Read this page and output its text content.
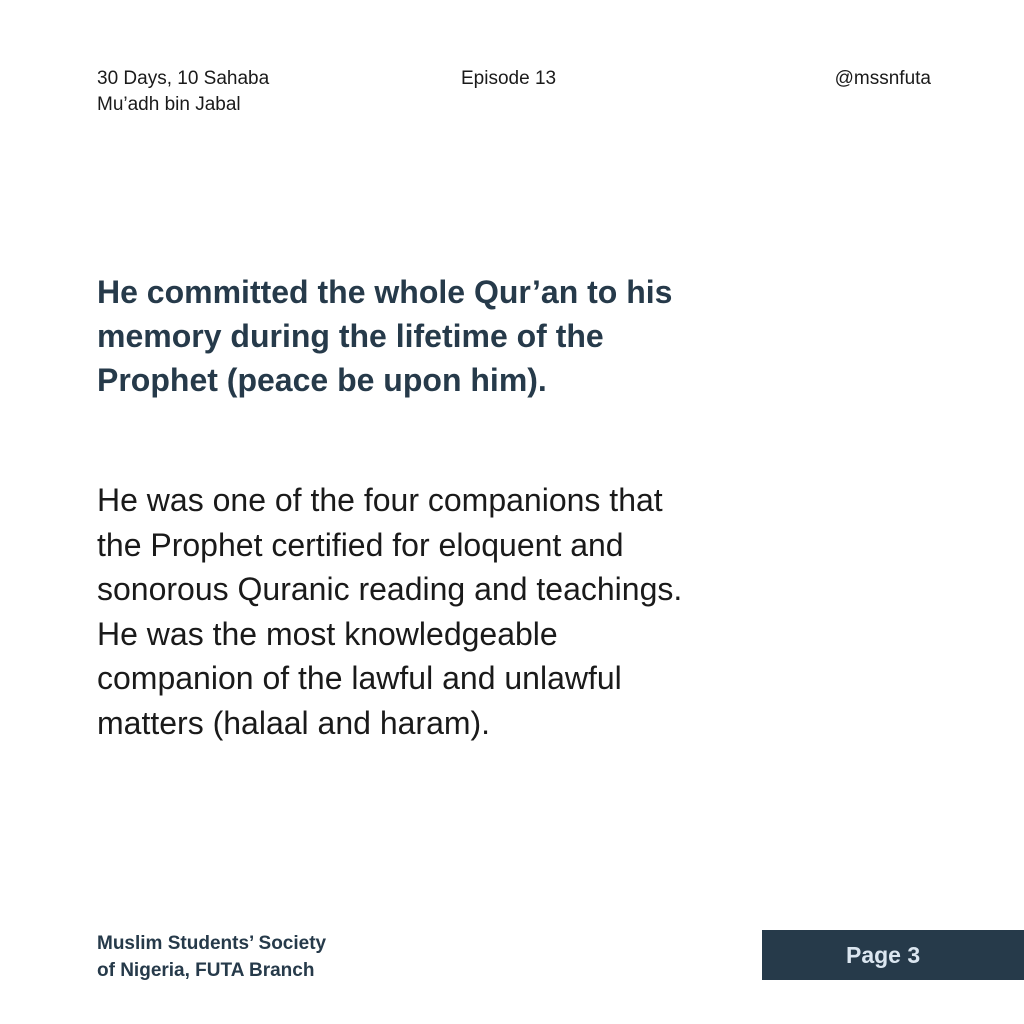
30 Days, 10 Sahaba
Mu’adh bin Jabal
Episode 13	@mssnfuta
He committed the whole Qur’an to his
memory during the lifetime of the
Prophet (peace be upon him).

He was one of the four companions that
the Prophet certified for eloquent and
sonorous Quranic reading and teachings.
He was the most knowledgeable
companion of the lawful and unlawful
matters (halaal and haram).

Muslim Students’ Society
of Nigeria, FUTA Branch
Page 3
